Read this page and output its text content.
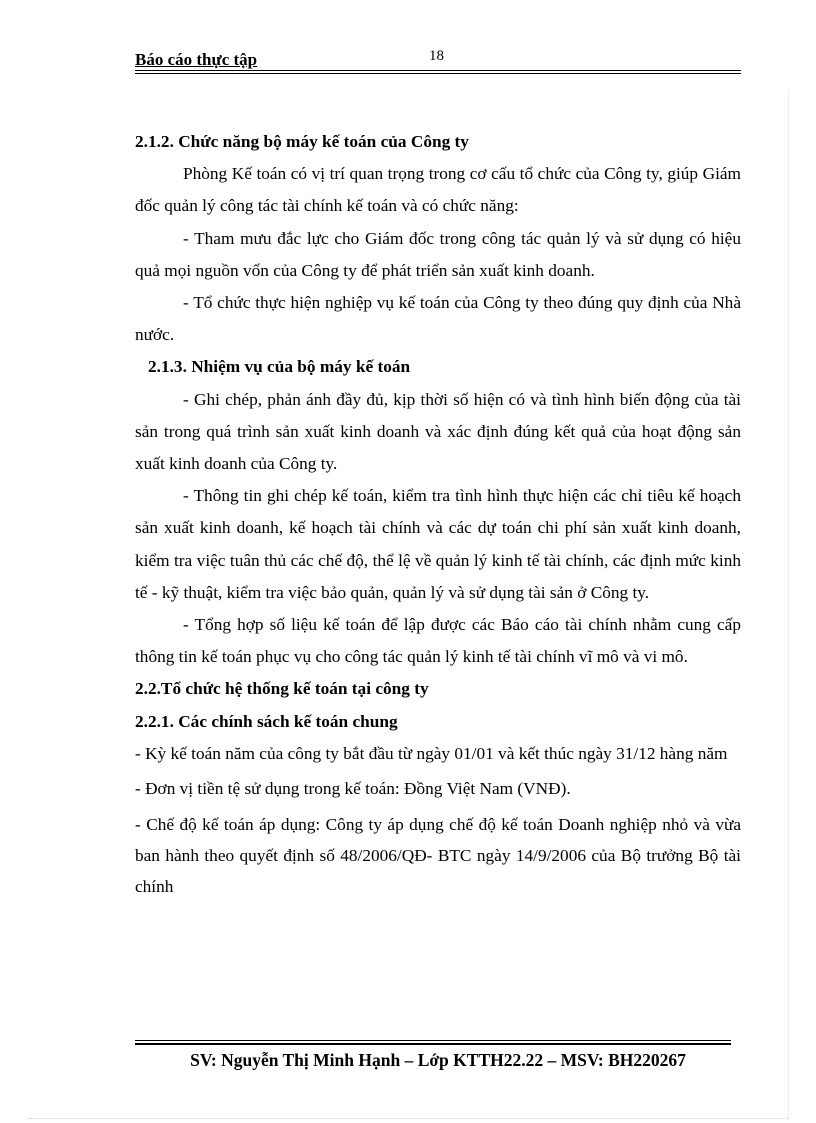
Báo cáo thực tập	18

2.1.2. Chức năng bộ máy kế toán của Công ty

Phòng Kế toán có vị trí quan trọng trong cơ cấu tổ chức của Công ty, giúp Giám đốc quản lý công tác tài chính kế toán và có chức năng:

- Tham mưu đắc lực cho Giám đốc trong công tác quản lý và sử dụng có hiệu quả mọi nguồn vốn của Công ty để phát triển sản xuất kinh doanh.

- Tổ chức thực hiện nghiệp vụ kế toán của Công ty theo đúng quy định của Nhà nước.

2.1.3. Nhiệm vụ của bộ máy kế toán

- Ghi chép, phản ánh đầy đủ, kịp thời số hiện có và tình hình biến động của tài sản trong quá trình sản xuất kinh doanh và xác định đúng kết quả của hoạt động sản xuất kinh doanh của Công ty.

- Thông tin ghi chép kế toán, kiểm tra tình hình thực hiện các chỉ tiêu kế hoạch sản xuất kinh doanh, kế hoạch tài chính và các dự toán chi phí sản xuất kinh doanh, kiểm tra việc tuân thủ các chế độ, thể lệ về quản lý kinh tế tài chính, các định mức kinh tế - kỹ thuật, kiểm tra việc bảo quản, quản lý và sử dụng tài sản ở Công ty.

- Tổng hợp số liệu kế toán để lập được các Báo cáo tài chính nhằm cung cấp thông tin kế toán phục vụ cho công tác quản lý kinh tế tài chính vĩ mô và vi mô.

2.2.Tổ chức hệ thống kế toán tại công ty

2.2.1. Các chính sách kế toán chung

- Kỳ kế toán năm của công ty bắt đầu từ ngày 01/01 và kết thúc ngày 31/12 hàng năm

- Đơn vị tiền tệ sử dụng trong kế toán: Đồng Việt Nam (VNĐ).

- Chế độ kế toán áp dụng: Công ty áp dụng chế độ kế toán Doanh nghiệp nhỏ và vừa ban hành theo quyết định số 48/2006/QĐ- BTC ngày 14/9/2006 của Bộ trưởng Bộ tài chính

SV: Nguyễn Thị Minh Hạnh – Lớp KTTH22.22 – MSV: BH220267
